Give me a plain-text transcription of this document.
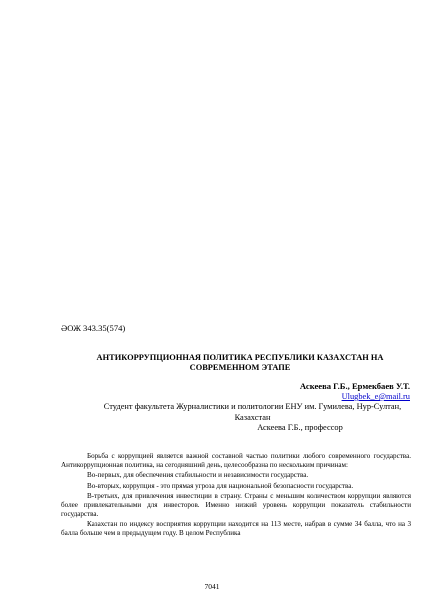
ӘОЖ 343.35(574)
АНТИКОРРУПЦИОННАЯ ПОЛИТИКА РЕСПУБЛИКИ КАЗАХСТАН НА
СОВРЕМЕННОМ ЭТАПЕ
Аскеева Г.Б., Ермекбаев У.Т.
Ulugbek_e@mail.ru
Студент факультета Журналистики и политологии ЕНУ им. Гумилева, Нур-Султан,
Казахстан
Аскеева Г.Б., профессор

Борьба с коррупцией является важной составной частью политики любого современного государства. Антикоррупционная политика, на сегодняшний день, целесообразна по нескольким причинам:

Во-первых, для обеспечения стабильности и независимости государства.

Во-вторых, коррупция - это прямая угроза для национальной безопасности государства.

В-третьих, для привлечения инвестиции в страну. Страны с меньшим количеством коррупции являются более привлекательными для инвесторов. Именно низкий уровень коррупции показатель стабильности государства.

Казахстан по индексу восприятия коррупции находится на 113 месте, набрав в сумме 34 балла, что на 3 балла больше чем в предыдущем году. В целом Республика

7041
